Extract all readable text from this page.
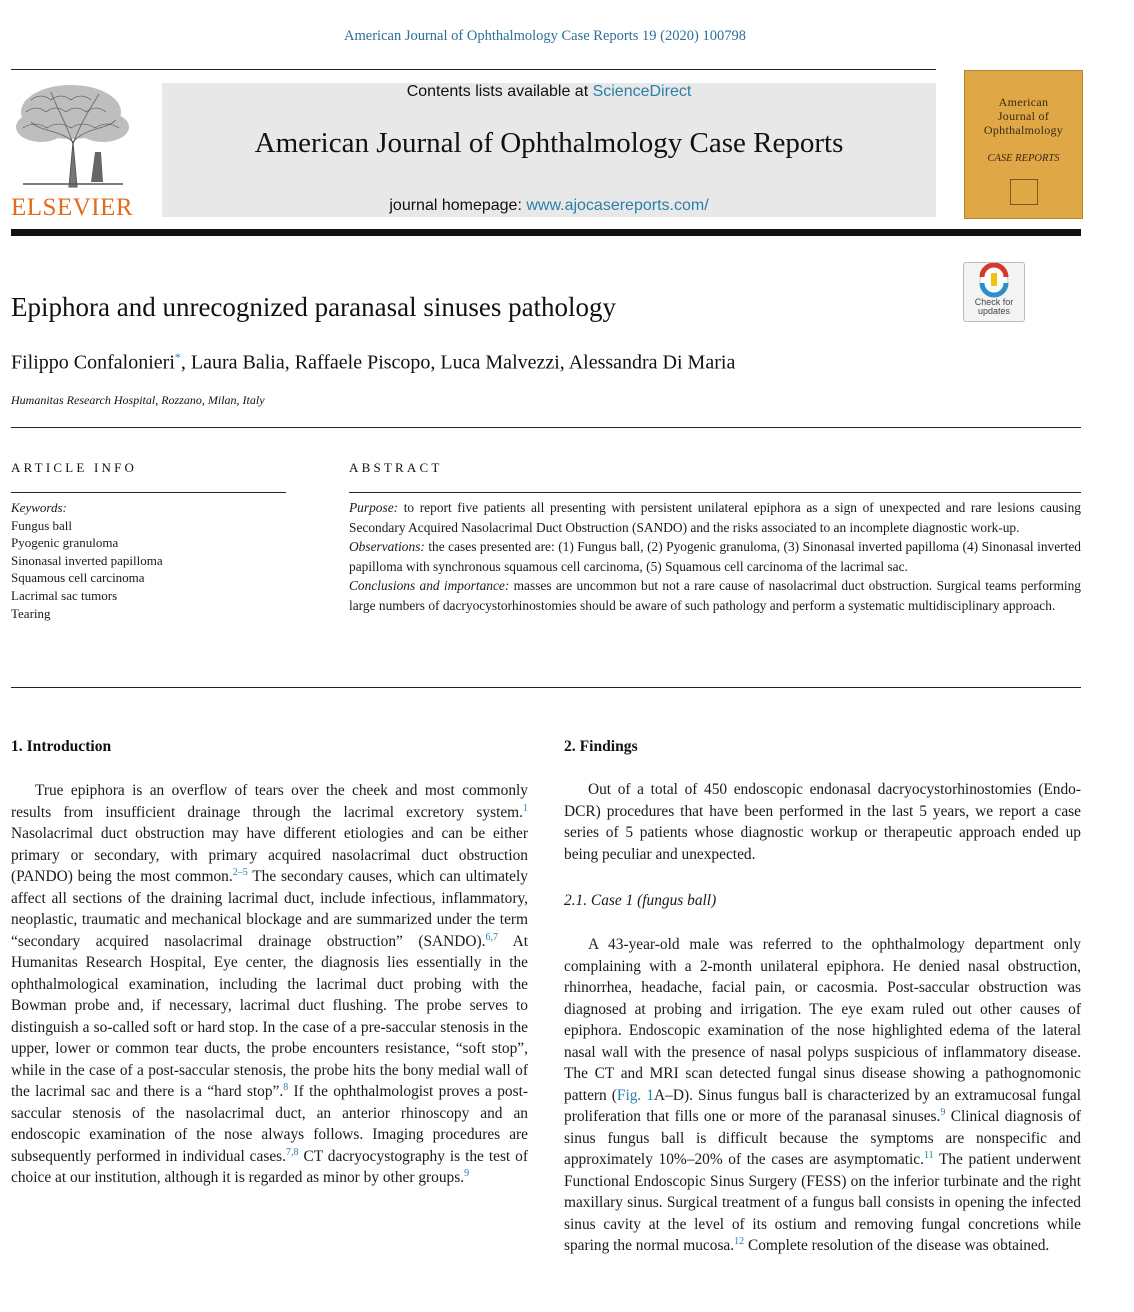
American Journal of Ophthalmology Case Reports 19 (2020) 100798
ELSEVIER
Contents lists available at ScienceDirect
American Journal of Ophthalmology Case Reports
journal homepage: www.ajocasereports.com/
American
Journal of
Ophthalmology
CASE REPORTS
Check for
updates
Epiphora and unrecognized paranasal sinuses pathology
Filippo Confalonieri*, Laura Balia, Raffaele Piscopo, Luca Malvezzi, Alessandra Di Maria
Humanitas Research Hospital, Rozzano, Milan, Italy
ARTICLE INFO	ABSTRACT
Keywords:
Fungus ball
Pyogenic granuloma
Sinonasal inverted papilloma
Squamous cell carcinoma
Lacrimal sac tumors
Tearing

Purpose: to report five patients all presenting with persistent unilateral epiphora as a sign of unexpected and rare lesions causing Secondary Acquired Nasolacrimal Duct Obstruction (SANDO) and the risks associated to an incomplete diagnostic work-up.

Observations: the cases presented are: (1) Fungus ball, (2) Pyogenic granuloma, (3) Sinonasal inverted papilloma (4) Sinonasal inverted papilloma with synchronous squamous cell carcinoma, (5) Squamous cell carcinoma of the lacrimal sac.

Conclusions and importance: masses are uncommon but not a rare cause of nasolacrimal duct obstruction. Surgical teams performing large numbers of dacryocystorhinostomies should be aware of such pathology and perform a systematic multidisciplinary approach.

1. Introduction

True epiphora is an overflow of tears over the cheek and most commonly results from insufficient drainage through the lacrimal excretory system.$^1$ Nasolacrimal duct obstruction may have different etiologies and can be either primary or secondary, with primary acquired nasolacrimal duct obstruction (PANDO) being the most common.$^{2-5}$ The secondary causes, which can ultimately affect all sections of the draining lacrimal duct, include infectious, inflammatory, neoplastic, traumatic and mechanical blockage and are summarized under the term “secondary acquired nasolacrimal drainage obstruction” (SANDO).$^{6,7}$ At Humanitas Research Hospital, Eye center, the diagnosis lies essentially in the ophthalmological examination, including the lacrimal duct probing with the Bowman probe and, if necessary, lacrimal duct flushing. The probe serves to distinguish a so-called soft or hard stop. In the case of a pre-saccular stenosis in the upper, lower or common tear ducts, the probe encounters resistance, “soft stop”, while in the case of a post-saccular stenosis, the probe hits the bony medial wall of the lacrimal sac and there is a “hard stop”.$^8$ If the ophthalmologist proves a post-saccular stenosis of the nasolacrimal duct, an anterior rhinoscopy and an endoscopic examination of the nose always follows. Imaging procedures are subsequently performed in individual cases.$^{7,8}$ CT dacryocystography is the test of choice at our institution, although it is regarded as minor by other groups.$^9$

2. Findings

Out of a total of 450 endoscopic endonasal dacryocystorhinostomies (Endo-DCR) procedures that have been performed in the last 5 years, we report a case series of 5 patients whose diagnostic workup or therapeutic approach ended up being peculiar and unexpected.

2.1. Case 1 (fungus ball)

A 43-year-old male was referred to the ophthalmology department only complaining with a 2-month unilateral epiphora. He denied nasal obstruction, rhinorrhea, headache, facial pain, or cacosmia. Post-saccular obstruction was diagnosed at probing and irrigation. The eye exam ruled out other causes of epiphora. Endoscopic examination of the nose highlighted edema of the lateral nasal wall with the presence of nasal polyps suspicious of inflammatory disease. The CT and MRI scan detected fungal sinus disease showing a pathognomonic pattern (Fig. 1A–D). Sinus fungus ball is characterized by an extramucosal fungal proliferation that fills one or more of the paranasal sinuses.$^9$ Clinical diagnosis of sinus fungus ball is difficult because the symptoms are nonspecific and approximately 10%–20% of the cases are asymptomatic.$^{11}$ The patient underwent Functional Endoscopic Sinus Surgery (FESS) on the inferior turbinate and the right maxillary sinus. Surgical treatment of a fungus ball consists in opening the infected sinus cavity at the level of its ostium and removing fungal concretions while sparing the normal mucosa.$^{12}$ Complete resolution of the disease was obtained.
